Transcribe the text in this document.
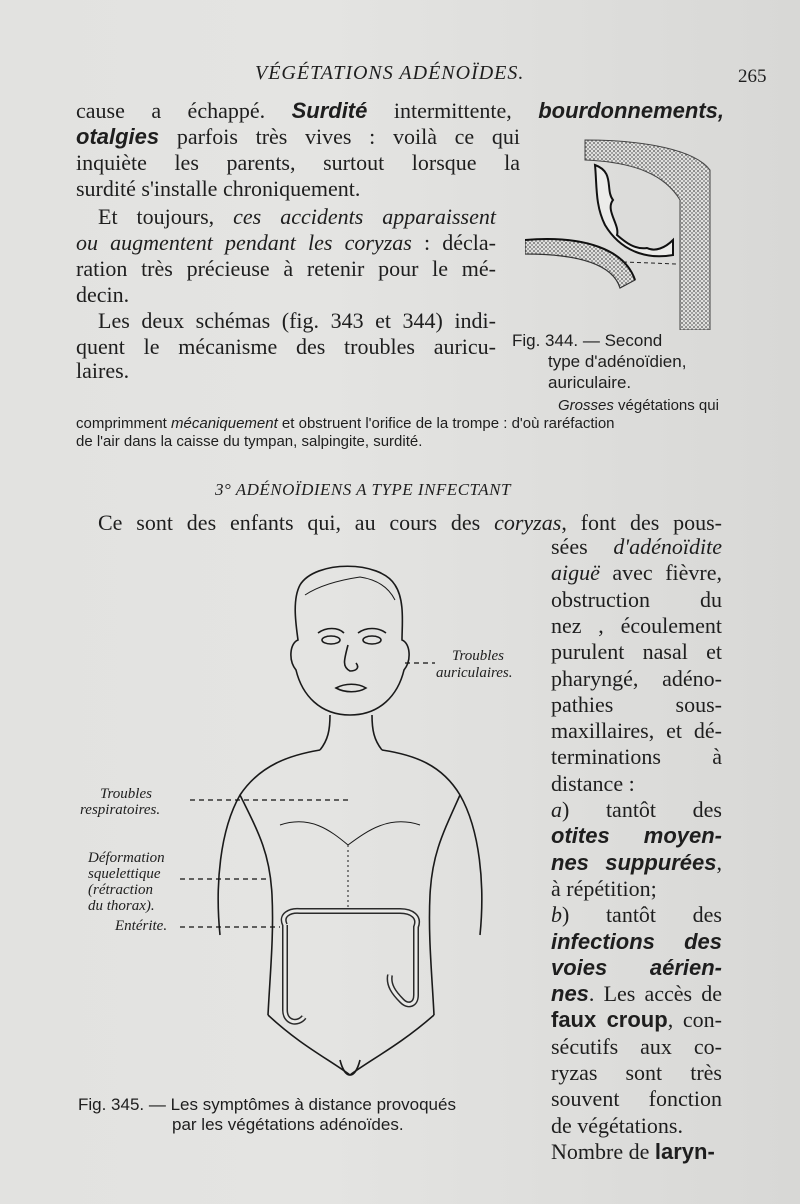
VÉGÉTATIONS ADÉNOÏDES.	265
cause a échappé. Surdité intermittente, bourdonnements,
otalgies parfois très vives : voilà ce qui
inquiète les parents, surtout lorsque la
surdité s'installe chroniquement.
Et toujours, ces accidents apparaissent
ou augmentent pendant les coryzas : décla-
ration très précieuse à retenir pour le mé-
decin.
Les deux schémas (fig. 343 et 344) indi-
quent le mécanisme des troubles auricu-
laires.
Fig. 344. — Second
type d'adénoïdien,
auriculaire.
Grosses végétations qui
comprimment mécaniquement et obstruent l'orifice de la trompe : d'où raréfaction
de l'air dans la caisse du tympan, salpingite, surdité.
3° ADÉNOÏDIENS A TYPE INFECTANT
Ce sont des enfants qui, au cours des coryzas, font des pous-
sées d'adénoïdite
aiguë avec fièvre,
obstruction du
nez , écoulement
purulent nasal et
pharyngé, adéno-
pathies sous-
maxillaires, et dé-
terminations à
distance :
a) tantôt des
otites moyen-
nes suppurées,
à répétition;
b) tantôt des
infections des
voies aérien-
nes. Les accès de
faux croup, con-
sécutifs aux co-
ryzas sont très
souvent fonction
de végétations.
Nombre de laryn-
Troubles
auriculaires.
Troubles
respiratoires.
Déformation
squelettique
(rétraction
du thorax).
Entérite.
Fig. 345. — Les symptômes à distance provoqués
par les végétations adénoïdes.
